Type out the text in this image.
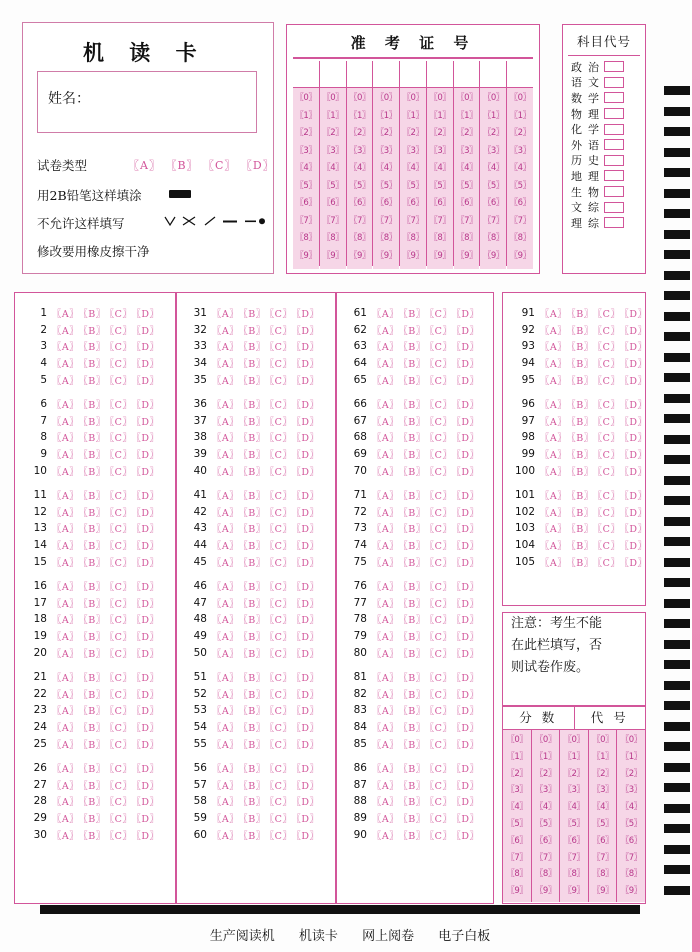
机 读 卡
姓名：
试卷类型	〖A〗 〖B〗 〖C〗 〖D〗
用2B铅笔这样填涂
不允许这样填写
修改要用橡皮擦干净
准 考 证 号
〖0〗
〖1〗
〖2〗
〖3〗
〖4〗
〖5〗
〖6〗
〖7〗
〖8〗
〖9〗
〖0〗
〖1〗
〖2〗
〖3〗
〖4〗
〖5〗
〖6〗
〖7〗
〖8〗
〖9〗
〖0〗
〖1〗
〖2〗
〖3〗
〖4〗
〖5〗
〖6〗
〖7〗
〖8〗
〖9〗
〖0〗
〖1〗
〖2〗
〖3〗
〖4〗
〖5〗
〖6〗
〖7〗
〖8〗
〖9〗
〖0〗
〖1〗
〖2〗
〖3〗
〖4〗
〖5〗
〖6〗
〖7〗
〖8〗
〖9〗
〖0〗
〖1〗
〖2〗
〖3〗
〖4〗
〖5〗
〖6〗
〖7〗
〖8〗
〖9〗
〖0〗
〖1〗
〖2〗
〖3〗
〖4〗
〖5〗
〖6〗
〖7〗
〖8〗
〖9〗
〖0〗
〖1〗
〖2〗
〖3〗
〖4〗
〖5〗
〖6〗
〖7〗
〖8〗
〖9〗
〖0〗
〖1〗
〖2〗
〖3〗
〖4〗
〖5〗
〖6〗
〖7〗
〖8〗
〖9〗
科目代号
政 治
语 文
数 学
物 理
化 学
外 语
历 史
地 理
生 物
文 综
理 综
1 〖A〗 〖B〗 〖C〗 〖D〗
2 〖A〗 〖B〗 〖C〗 〖D〗
3 〖A〗 〖B〗 〖C〗 〖D〗
4 〖A〗 〖B〗 〖C〗 〖D〗
5 〖A〗 〖B〗 〖C〗 〖D〗
6 〖A〗 〖B〗 〖C〗 〖D〗
7 〖A〗 〖B〗 〖C〗 〖D〗
8 〖A〗 〖B〗 〖C〗 〖D〗
9 〖A〗 〖B〗 〖C〗 〖D〗
10 〖A〗 〖B〗 〖C〗 〖D〗
11 〖A〗 〖B〗 〖C〗 〖D〗
12 〖A〗 〖B〗 〖C〗 〖D〗
13 〖A〗 〖B〗 〖C〗 〖D〗
14 〖A〗 〖B〗 〖C〗 〖D〗
15 〖A〗 〖B〗 〖C〗 〖D〗
16 〖A〗 〖B〗 〖C〗 〖D〗
17 〖A〗 〖B〗 〖C〗 〖D〗
18 〖A〗 〖B〗 〖C〗 〖D〗
19 〖A〗 〖B〗 〖C〗 〖D〗
20 〖A〗 〖B〗 〖C〗 〖D〗
21 〖A〗 〖B〗 〖C〗 〖D〗
22 〖A〗 〖B〗 〖C〗 〖D〗
23 〖A〗 〖B〗 〖C〗 〖D〗
24 〖A〗 〖B〗 〖C〗 〖D〗
25 〖A〗 〖B〗 〖C〗 〖D〗
26 〖A〗 〖B〗 〖C〗 〖D〗
27 〖A〗 〖B〗 〖C〗 〖D〗
28 〖A〗 〖B〗 〖C〗 〖D〗
29 〖A〗 〖B〗 〖C〗 〖D〗
30 〖A〗 〖B〗 〖C〗 〖D〗
31 〖A〗 〖B〗 〖C〗 〖D〗
32 〖A〗 〖B〗 〖C〗 〖D〗
33 〖A〗 〖B〗 〖C〗 〖D〗
34 〖A〗 〖B〗 〖C〗 〖D〗
35 〖A〗 〖B〗 〖C〗 〖D〗
36 〖A〗 〖B〗 〖C〗 〖D〗
37 〖A〗 〖B〗 〖C〗 〖D〗
38 〖A〗 〖B〗 〖C〗 〖D〗
39 〖A〗 〖B〗 〖C〗 〖D〗
40 〖A〗 〖B〗 〖C〗 〖D〗
41 〖A〗 〖B〗 〖C〗 〖D〗
42 〖A〗 〖B〗 〖C〗 〖D〗
43 〖A〗 〖B〗 〖C〗 〖D〗
44 〖A〗 〖B〗 〖C〗 〖D〗
45 〖A〗 〖B〗 〖C〗 〖D〗
46 〖A〗 〖B〗 〖C〗 〖D〗
47 〖A〗 〖B〗 〖C〗 〖D〗
48 〖A〗 〖B〗 〖C〗 〖D〗
49 〖A〗 〖B〗 〖C〗 〖D〗
50 〖A〗 〖B〗 〖C〗 〖D〗
51 〖A〗 〖B〗 〖C〗 〖D〗
52 〖A〗 〖B〗 〖C〗 〖D〗
53 〖A〗 〖B〗 〖C〗 〖D〗
54 〖A〗 〖B〗 〖C〗 〖D〗
55 〖A〗 〖B〗 〖C〗 〖D〗
56 〖A〗 〖B〗 〖C〗 〖D〗
57 〖A〗 〖B〗 〖C〗 〖D〗
58 〖A〗 〖B〗 〖C〗 〖D〗
59 〖A〗 〖B〗 〖C〗 〖D〗
60 〖A〗 〖B〗 〖C〗 〖D〗
61 〖A〗 〖B〗 〖C〗 〖D〗
62 〖A〗 〖B〗 〖C〗 〖D〗
63 〖A〗 〖B〗 〖C〗 〖D〗
64 〖A〗 〖B〗 〖C〗 〖D〗
65 〖A〗 〖B〗 〖C〗 〖D〗
66 〖A〗 〖B〗 〖C〗 〖D〗
67 〖A〗 〖B〗 〖C〗 〖D〗
68 〖A〗 〖B〗 〖C〗 〖D〗
69 〖A〗 〖B〗 〖C〗 〖D〗
70 〖A〗 〖B〗 〖C〗 〖D〗
71 〖A〗 〖B〗 〖C〗 〖D〗
72 〖A〗 〖B〗 〖C〗 〖D〗
73 〖A〗 〖B〗 〖C〗 〖D〗
74 〖A〗 〖B〗 〖C〗 〖D〗
75 〖A〗 〖B〗 〖C〗 〖D〗
76 〖A〗 〖B〗 〖C〗 〖D〗
77 〖A〗 〖B〗 〖C〗 〖D〗
78 〖A〗 〖B〗 〖C〗 〖D〗
79 〖A〗 〖B〗 〖C〗 〖D〗
80 〖A〗 〖B〗 〖C〗 〖D〗
81 〖A〗 〖B〗 〖C〗 〖D〗
82 〖A〗 〖B〗 〖C〗 〖D〗
83 〖A〗 〖B〗 〖C〗 〖D〗
84 〖A〗 〖B〗 〖C〗 〖D〗
85 〖A〗 〖B〗 〖C〗 〖D〗
86 〖A〗 〖B〗 〖C〗 〖D〗
87 〖A〗 〖B〗 〖C〗 〖D〗
88 〖A〗 〖B〗 〖C〗 〖D〗
89 〖A〗 〖B〗 〖C〗 〖D〗
90 〖A〗 〖B〗 〖C〗 〖D〗
91 〖A〗 〖B〗 〖C〗 〖D〗
92 〖A〗 〖B〗 〖C〗 〖D〗
93 〖A〗 〖B〗 〖C〗 〖D〗
94 〖A〗 〖B〗 〖C〗 〖D〗
95 〖A〗 〖B〗 〖C〗 〖D〗
96 〖A〗 〖B〗 〖C〗 〖D〗
97 〖A〗 〖B〗 〖C〗 〖D〗
98 〖A〗 〖B〗 〖C〗 〖D〗
99 〖A〗 〖B〗 〖C〗 〖D〗
100 〖A〗 〖B〗 〖C〗 〖D〗
101 〖A〗 〖B〗 〖C〗 〖D〗
102 〖A〗 〖B〗 〖C〗 〖D〗
103 〖A〗 〖B〗 〖C〗 〖D〗
104 〖A〗 〖B〗 〖C〗 〖D〗
105 〖A〗 〖B〗 〖C〗 〖D〗

注意：考生不能

在此栏填写，否

则试卷作废。

分 数	代 号
〖0〗
〖1〗
〖2〗
〖3〗
〖4〗
〖5〗
〖6〗
〖7〗
〖8〗
〖9〗
〖0〗
〖1〗
〖2〗
〖3〗
〖4〗
〖5〗
〖6〗
〖7〗
〖8〗
〖9〗
〖0〗
〖1〗
〖2〗
〖3〗
〖4〗
〖5〗
〖6〗
〖7〗
〖8〗
〖9〗
〖0〗
〖1〗
〖2〗
〖3〗
〖4〗
〖5〗
〖6〗
〖7〗
〖8〗
〖9〗
〖0〗
〖1〗
〖2〗
〖3〗
〖4〗
〖5〗
〖6〗
〖7〗
〖8〗
〖9〗
生产阅读机 机读卡 网上阅卷 电子白板
